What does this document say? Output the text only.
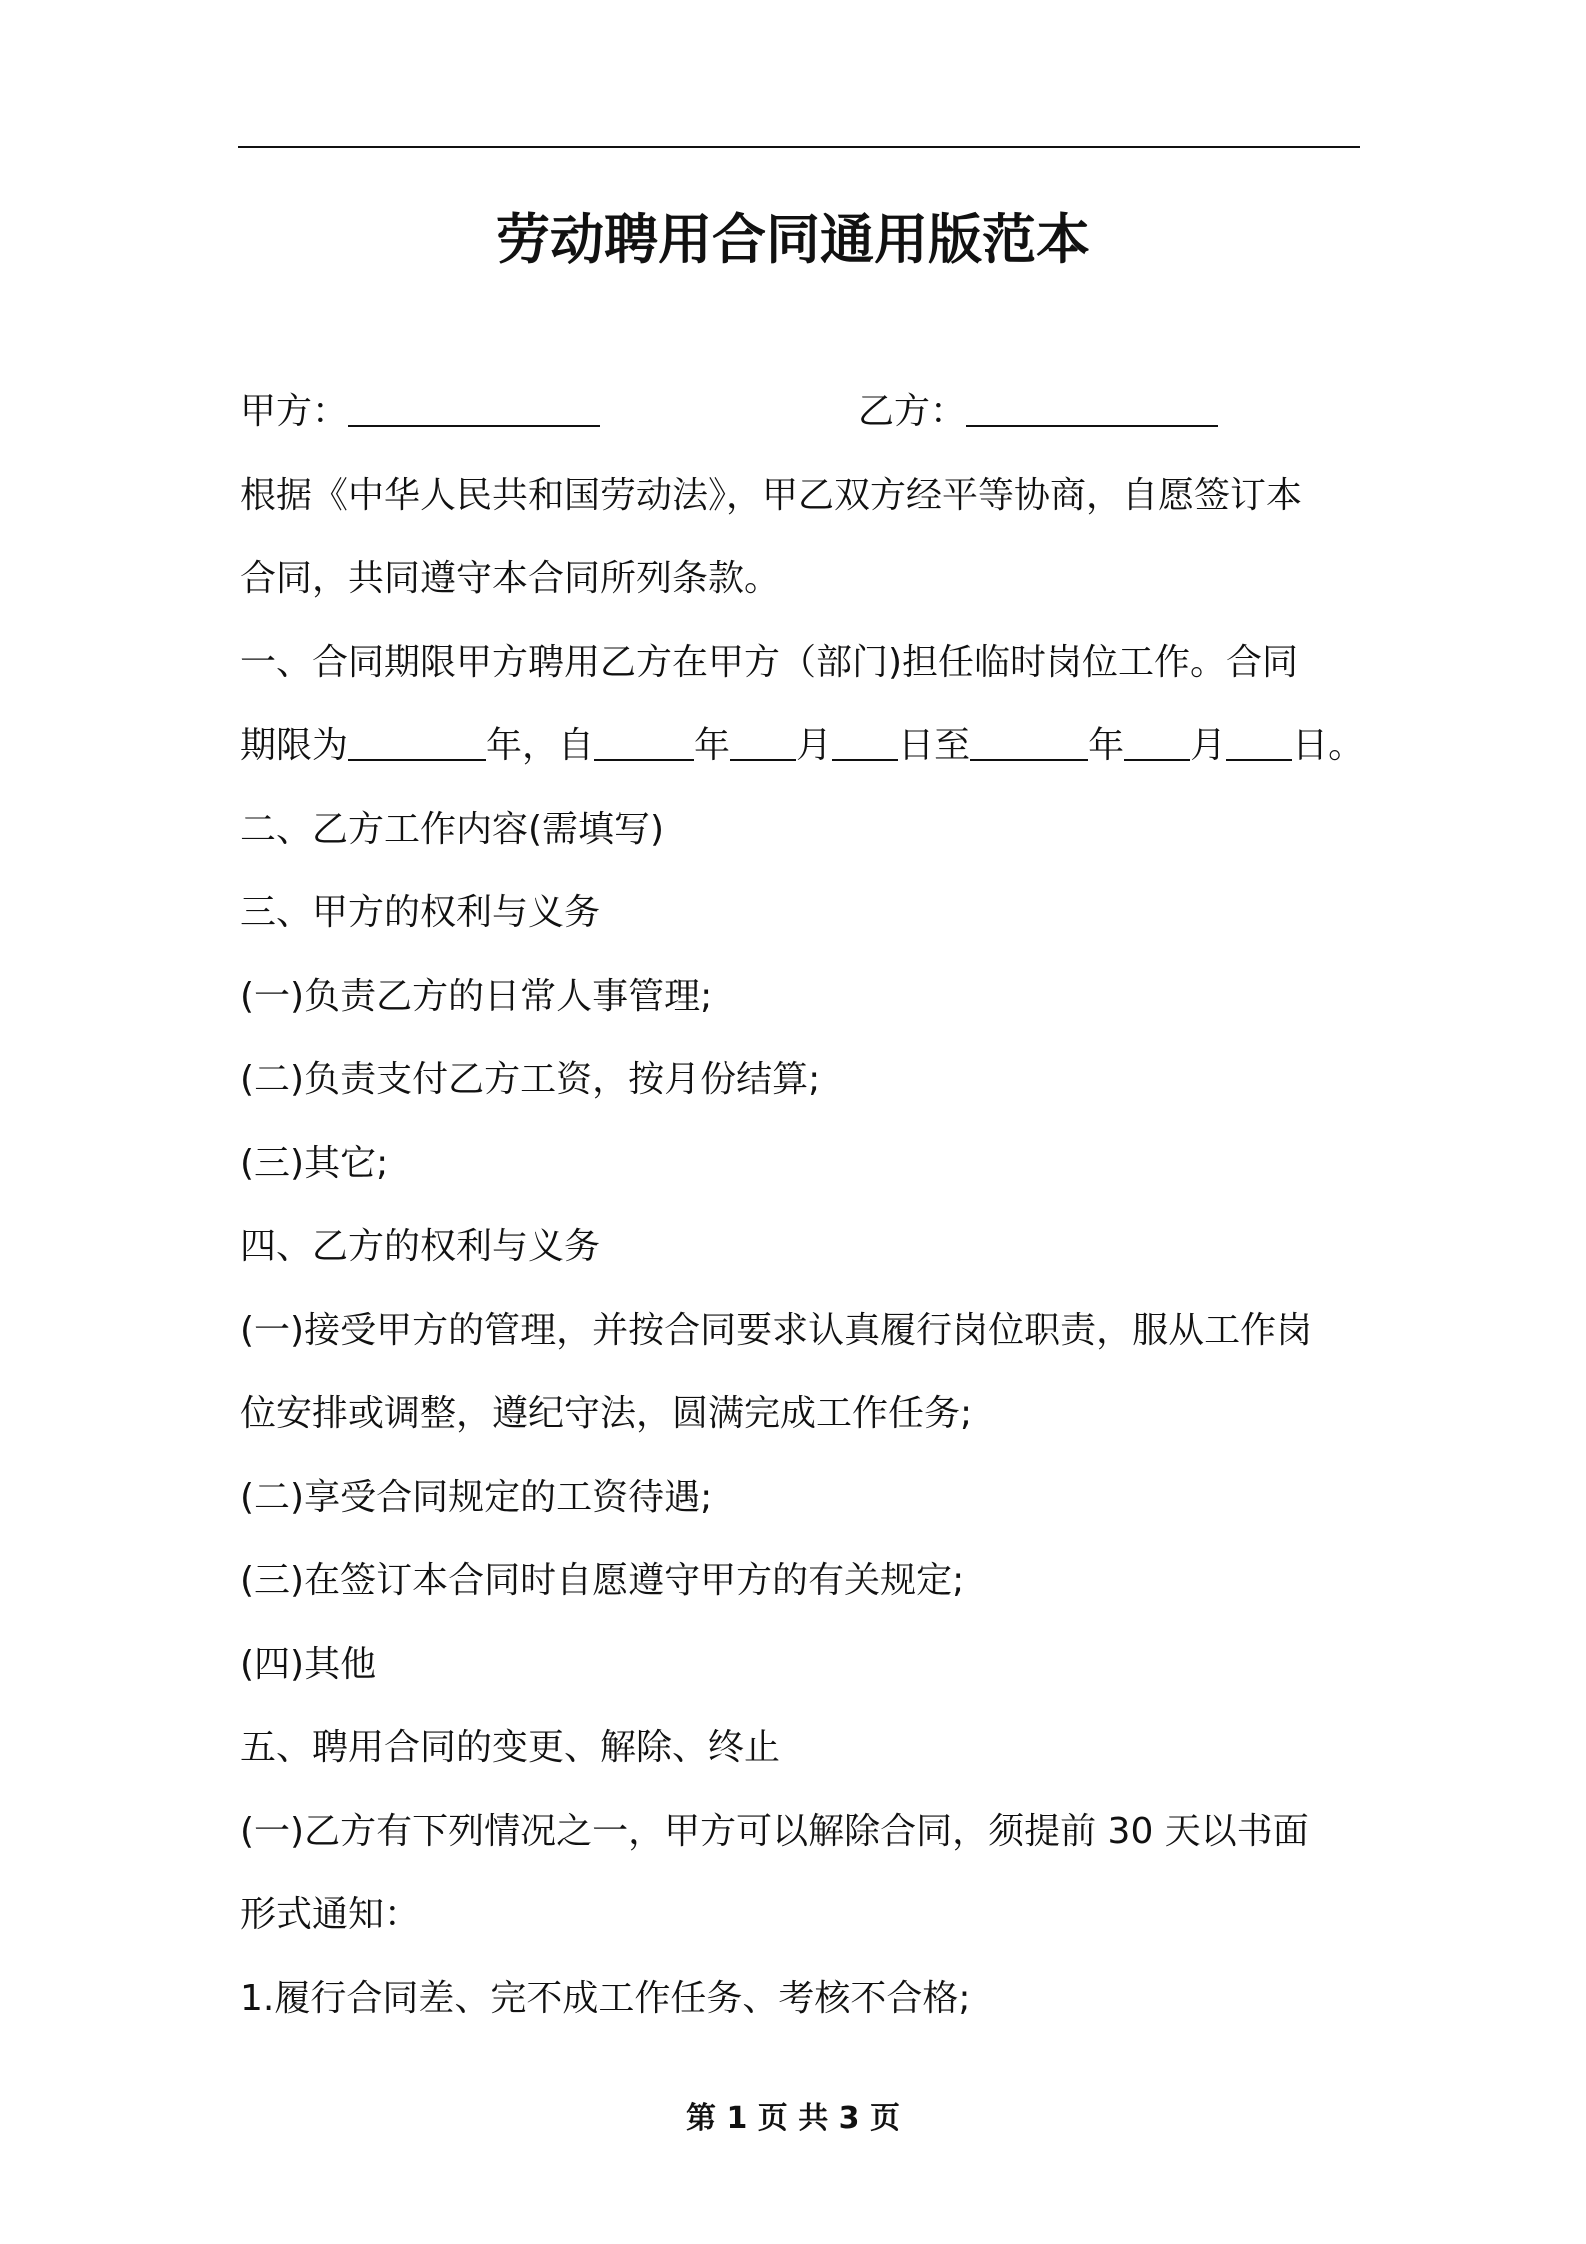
劳动聘用合同通用版范本
甲方：	乙方：
根据《中华人民共和国劳动法》，甲乙双方经平等协商，自愿签订本
合同，共同遵守本合同所列条款。
一、合同期限甲方聘用乙方在甲方（部门)担任临时岗位工作。合同
期限为	年，自	年 月 日至	年 月 日。
二、乙方工作内容(需填写)
三、甲方的权利与义务
(一)负责乙方的日常人事管理;
(二)负责支付乙方工资，按月份结算;
(三)其它;
四、乙方的权利与义务
(一)接受甲方的管理，并按合同要求认真履行岗位职责，服从工作岗
位安排或调整，遵纪守法，圆满完成工作任务;
(二)享受合同规定的工资待遇;
(三)在签订本合同时自愿遵守甲方的有关规定;
(四)其他
五、聘用合同的变更、解除、终止
(一)乙方有下列情况之一，甲方可以解除合同，须提前 30 天以书面
形式通知：
1.履行合同差、完不成工作任务、考核不合格;
第 1 页 共 3 页
